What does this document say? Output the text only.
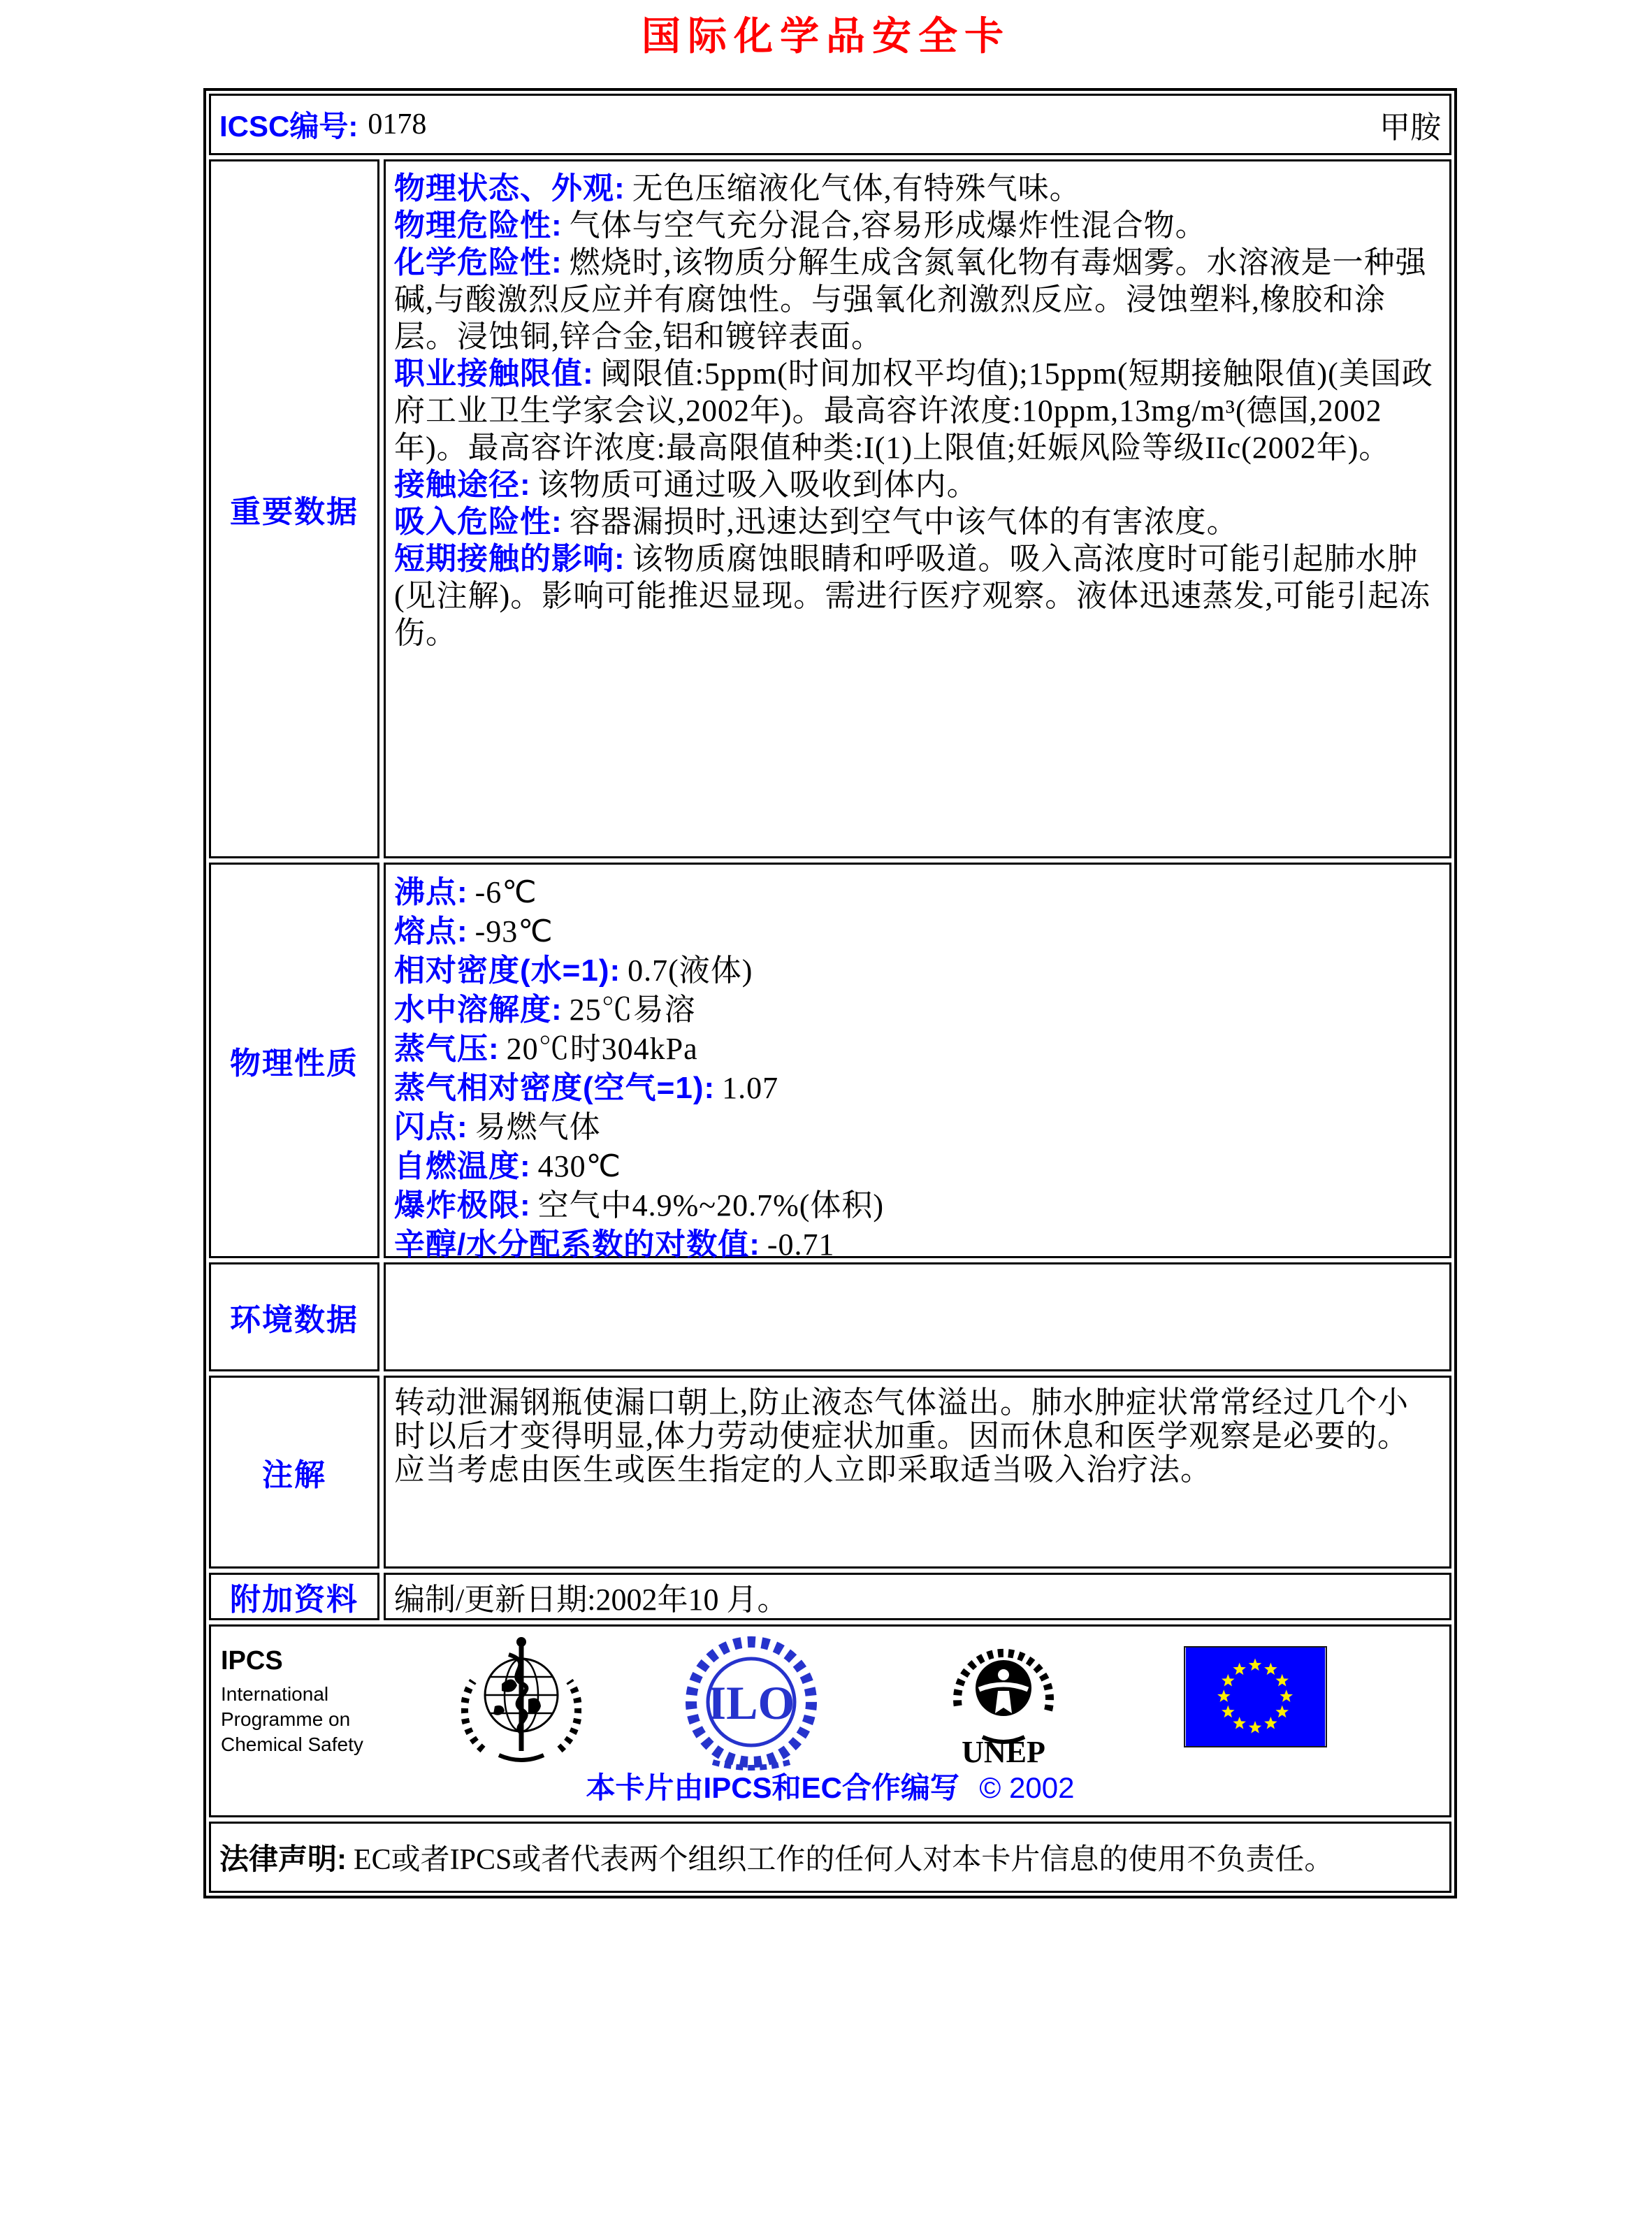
国际化学品安全卡
ICSC编号: 0178	甲胺
重要数据
物理状态、外观: 无色压缩液化气体,有特殊气味。
物理危险性: 气体与空气充分混合,容易形成爆炸性混合物。
化学危险性: 燃烧时,该物质分解生成含氮氧化物有毒烟雾。水溶液是一种强碱,与酸激烈反应并有腐蚀性。与强氧化剂激烈反应。浸蚀塑料,橡胶和涂层。浸蚀铜,锌合金,铝和镀锌表面。
职业接触限值: 阈限值:5ppm(时间加权平均值);15ppm(短期接触限值)(美国政府工业卫生学家会议,2002年)。最高容许浓度:10ppm,13mg/m³(德国,2002年)。最高容许浓度:最高限值种类:I(1)上限值;妊娠风险等级IIc(2002年)。
接触途径: 该物质可通过吸入吸收到体内。
吸入危险性: 容器漏损时,迅速达到空气中该气体的有害浓度。
短期接触的影响: 该物质腐蚀眼睛和呼吸道。吸入高浓度时可能引起肺水肿(见注解)。影响可能推迟显现。需进行医疗观察。液体迅速蒸发,可能引起冻伤。
物理性质
沸点: -6℃
熔点: -93℃
相对密度(水=1): 0.7(液体)
水中溶解度: 25℃易溶
蒸气压: 20℃时304kPa
蒸气相对密度(空气=1): 1.07
闪点: 易燃气体
自燃温度: 430℃
爆炸极限: 空气中4.9%~20.7%(体积)
辛醇/水分配系数的对数值: -0.71
环境数据
注解
转动泄漏钢瓶使漏口朝上,防止液态气体溢出。肺水肿症状常常经过几个小时以后才变得明显,体力劳动使症状加重。因而休息和医学观察是必要的。应当考虑由医生或医生指定的人立即采取适当吸入治疗法。
附加资料	编制/更新日期:2002年10 月。
IPCS
International
Programme on
Chemical Safety
ILO
UNEP
本卡片由IPCS和EC合作编写 © 2002
法律声明: EC或者IPCS或者代表两个组织工作的任何人对本卡片信息的使用不负责任。
